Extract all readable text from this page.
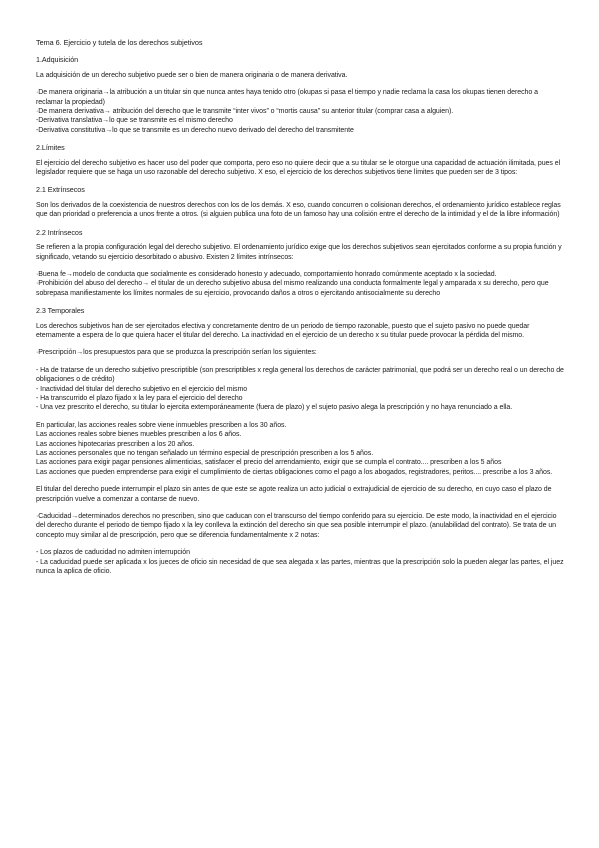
Tema 6. Ejercicio y tutela de los derechos subjetivos
1.Adquisición

La adquisición de un derecho subjetivo puede ser o bien de manera originaria o de manera derivativa.

·De manera originaria→la atribución a un titular sin que nunca antes haya tenido otro (okupas si pasa el tiempo y nadie reclama la casa los okupas tienen derecho a reclamar la propiedad)
·De manera derivativa→ atribución del derecho que le transmite “inter vivos” o “mortis causa” su anterior titular (comprar casa a alguien).
-Derivativa translativa→lo que se transmite es el mismo derecho
-Derivativa constitutiva→lo que se transmite es un derecho nuevo derivado del derecho del transmitente
2.Límites

El ejercicio del derecho subjetivo es hacer uso del poder que comporta, pero eso no quiere decir que a su titular se le otorgue una capacidad de actuación ilimitada, pues el legislador requiere que se haga un uso razonable del derecho subjetivo. X eso, el ejercicio de los derechos subjetivos tiene límites que pueden ser de 3 tipos:

2.1 Extrínsecos

Son los derivados de la coexistencia de nuestros derechos con los de los demás. X eso, cuando concurren o colisionan derechos, el ordenamiento jurídico establece reglas que dan prioridad o preferencia a unos frente a otros. (si alguien publica una foto de un famoso hay una colisión entre el derecho de la intimidad y el de la libre información)

2.2 Intrínsecos

Se refieren a la propia configuración legal del derecho subjetivo. El ordenamiento jurídico exige que los derechos subjetivos sean ejercitados conforme a su propia función y significado, vetando su ejercicio desorbitado o abusivo. Existen 2 límites intrínsecos:

·Buena fe→modelo de conducta que socialmente es considerado honesto y adecuado, comportamiento honrado comúnmente aceptado x la sociedad.
·Prohibición del abuso del derecho→ el titular de un derecho subjetivo abusa del mismo realizando una conducta formalmente legal y amparada x su derecho, pero que sobrepasa manifiestamente los límites normales de su ejercicio, provocando daños a otros o ejercitando antisocialmente su derecho
2.3 Temporales

Los derechos subjetivos han de ser ejercitados efectiva y concretamente dentro de un periodo de tiempo razonable, puesto que el sujeto pasivo no puede quedar eternamente a espera de lo que quiera hacer el titular del derecho. La inactividad en el ejercicio de un derecho x su titular puede provocar la pérdida del mismo.

·Prescripción→los presupuestos para que se produzca la prescripción serían los siguientes:

- Ha de tratarse de un derecho subjetivo prescriptible (son prescriptibles x regla general los derechos de carácter patrimonial, que podrá ser un derecho real o un derecho de obligaciones o de crédito)
- Inactividad del titular del derecho subjetivo en el ejercicio del mismo
- Ha transcurrido el plazo fijado x la ley para el ejercicio del derecho
- Una vez prescrito el derecho, su titular lo ejercita extemporáneamente (fuera de plazo) y el sujeto pasivo alega la prescripción y no haya renunciado a ella.
En particular, las acciones reales sobre viene inmuebles prescriben a los 30 años.
Las acciones reales sobre bienes muebles prescriben a los 6 años.
Las acciones hipotecarias prescriben a los 20 años.
Las acciones personales que no tengan señalado un término especial de prescripción prescriben a los 5 años.
Las acciones para exigir pagar pensiones alimenticias, satisfacer el precio del arrendamiento, exigir que se cumpla el contrato.... prescriben a los 5 años
Las acciones que pueden emprenderse para exigir el cumplimiento de ciertas obligaciones como el pago a los abogados, registradores, peritos.... prescribe a los 3 años.

El titular del derecho puede interrumpir el plazo sin antes de que este se agote realiza un acto judicial o extrajudicial de ejercicio de su derecho, en cuyo caso el plazo de prescripción vuelve a comenzar a contarse de nuevo.

·Caducidad→determinados derechos no prescriben, sino que caducan con el transcurso del tiempo conferido para su ejercicio. De este modo, la inactividad en el ejercicio del derecho durante el periodo de tiempo fijado x la ley conlleva la extinción del derecho sin que sea posible interrumpir el plazo. (anulabilidad del contrato). Se trata de un concepto muy similar al de prescripción, pero que se diferencia fundamentalmente x 2 notas:

- Los plazos de caducidad no admiten interrupción
- La caducidad puede ser aplicada x los jueces de oficio sin necesidad de que sea alegada x las partes, mientras que la prescripción solo la pueden alegar las partes, el juez nunca la aplica de oficio.
